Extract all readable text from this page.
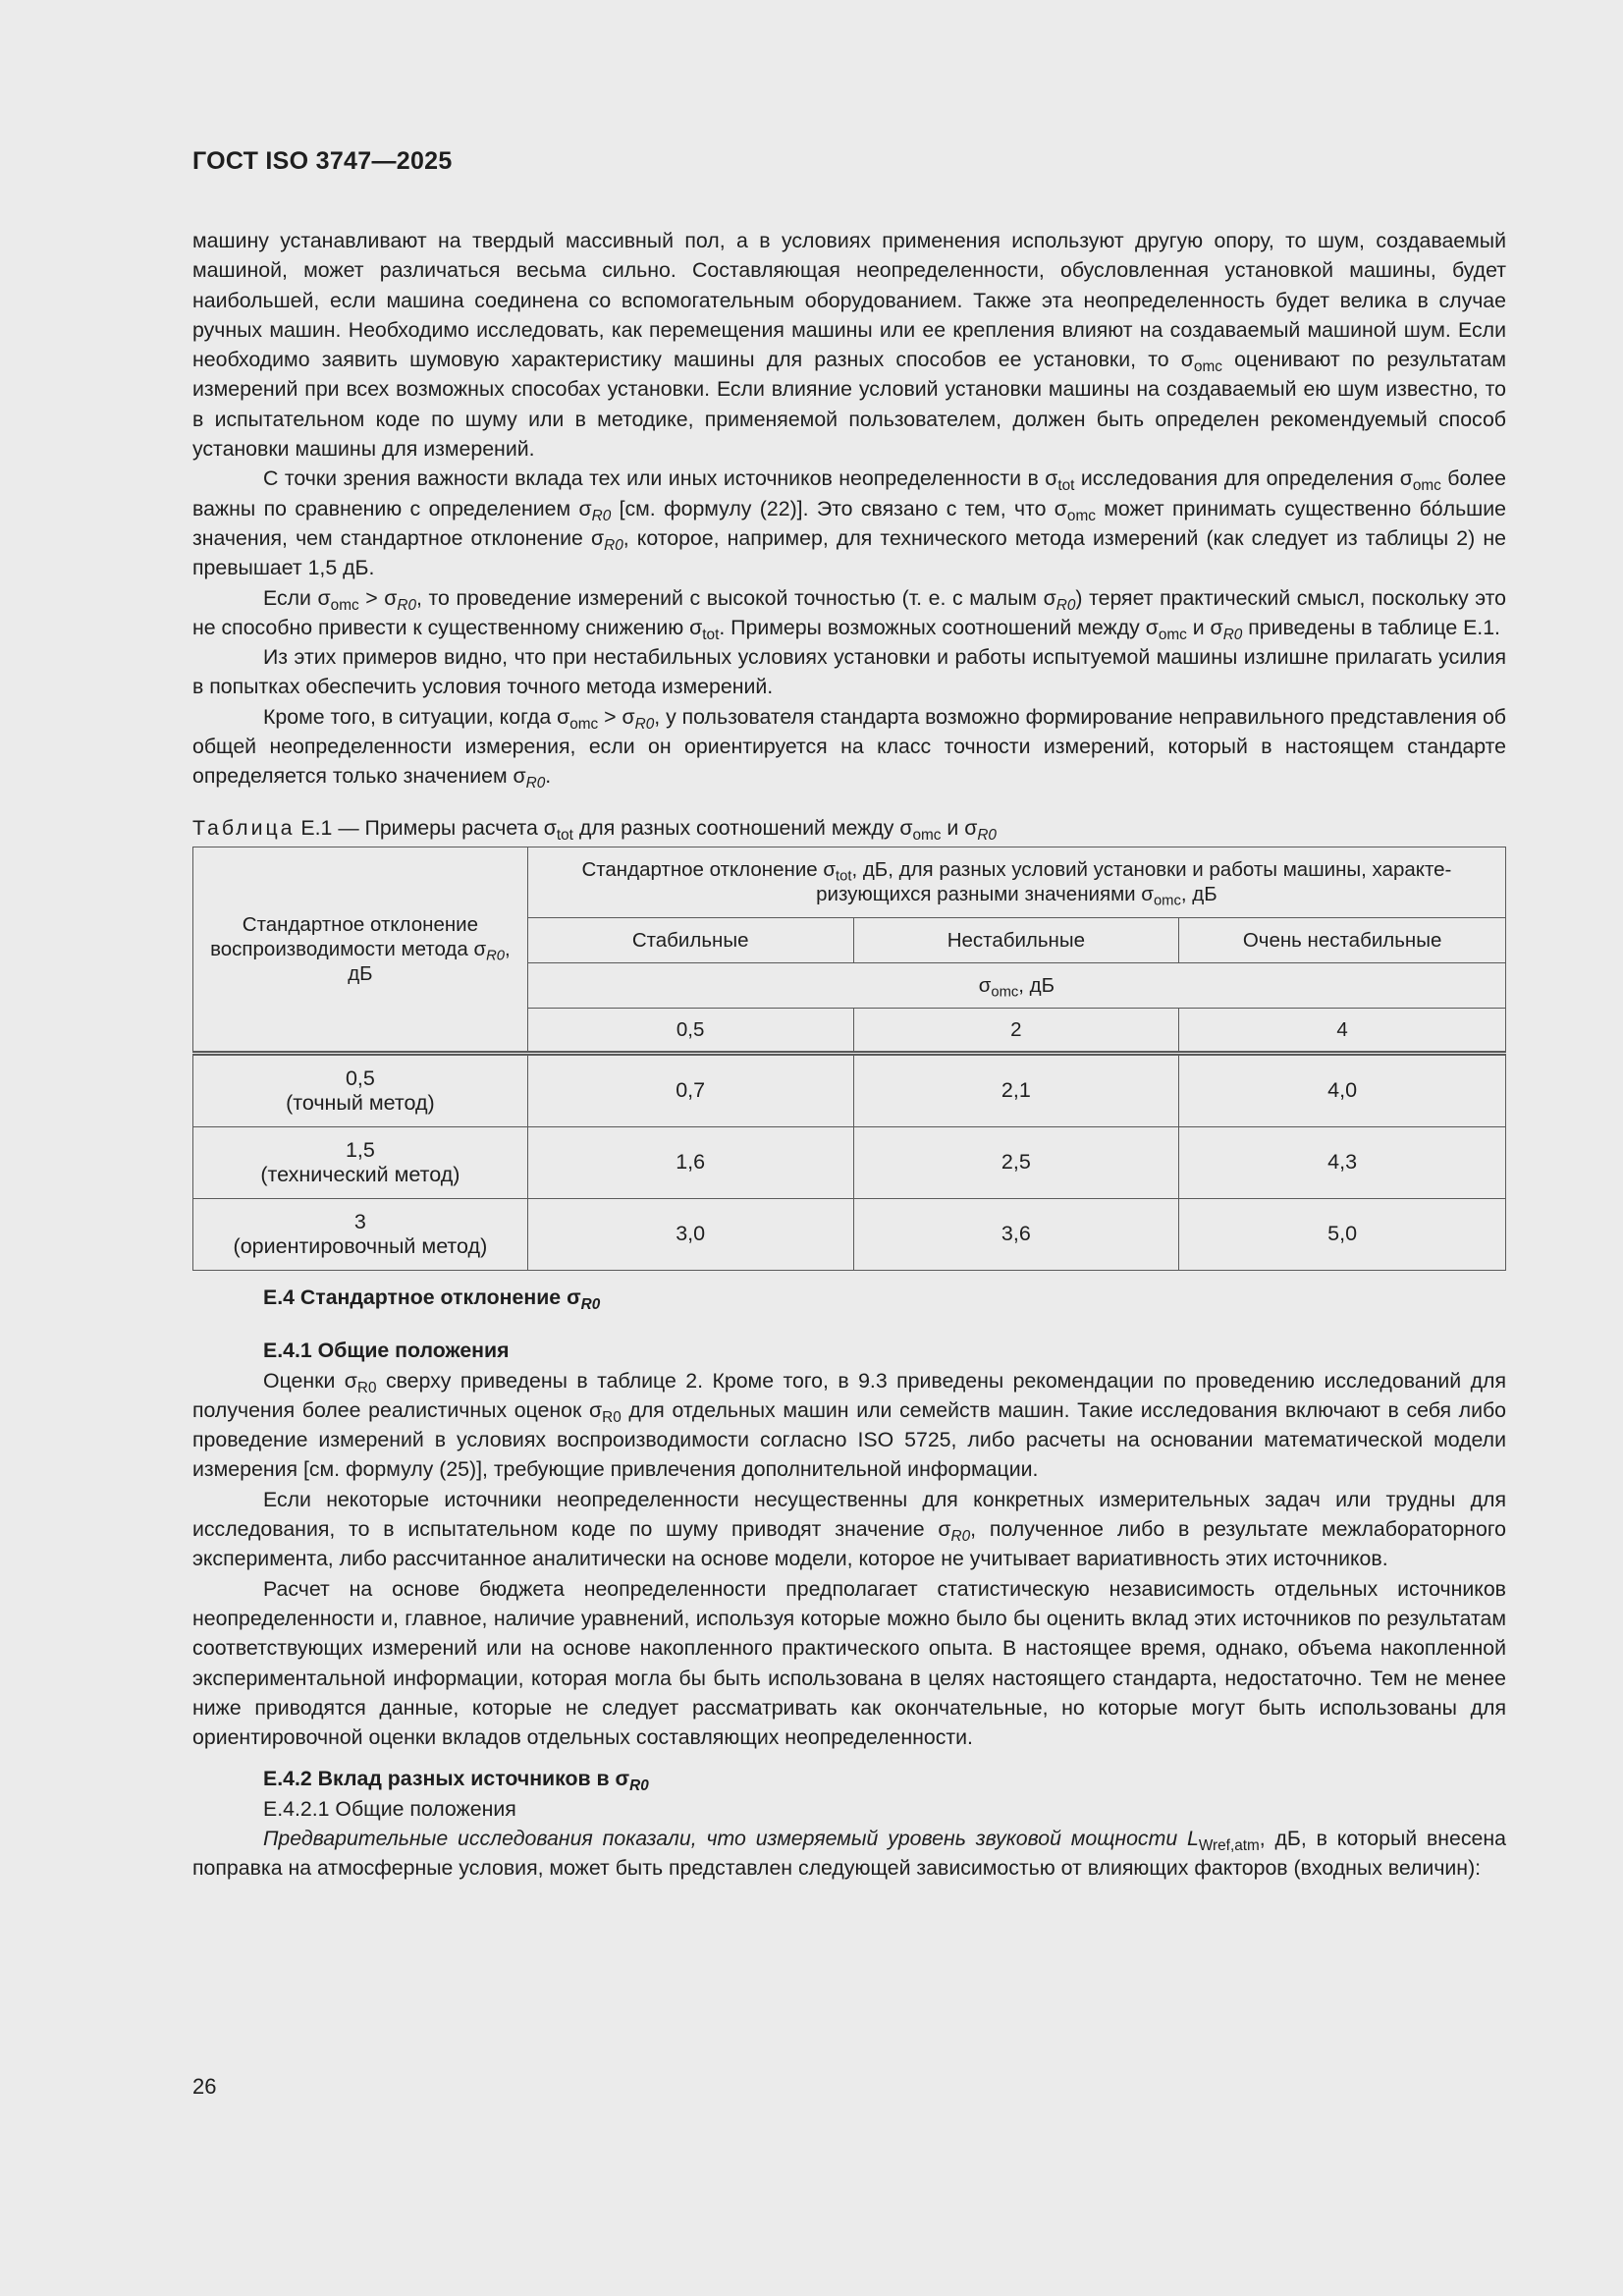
ГОСТ ISO 3747—2025

машину устанавливают на твердый массивный пол, а в условиях применения используют другую опору, то шум, создаваемый машиной, может различаться весьма сильно. Составляющая неопределенности, обусловленная установкой машины, будет наибольшей, если машина соединена со вспомогательным оборудованием. Также эта неопределенность будет велика в случае ручных машин. Необходимо исследовать, как перемещения машины или ее крепления влияют на создаваемый машиной шум. Если необходимо заявить шумовую характеристику машины для разных способов ее установки, то $\sigma_{omc}$ оценивают по результатам измерений при всех возможных способах установки. Если влияние условий установки машины на создаваемый ею шум известно, то в испытательном коде по шуму или в методике, применяемой пользователем, должен быть определен рекомендуемый способ установки машины для измерений.

С точки зрения важности вклада тех или иных источников неопределенности в $\sigma_{tot}$ исследования для определения $\sigma_{omc}$ более важны по сравнению с определением $\sigma_{R0}$ [см. формулу (22)]. Это связано с тем, что $\sigma_{omc}$ может принимать существенно бо́льшие значения, чем стандартное отклонение $\sigma_{R0}$, которое, например, для технического метода измерений (как следует из таблицы 2) не превышает 1,5 дБ.

Если $\sigma_{omc} > \sigma_{R0}$, то проведение измерений с высокой точностью (т. е. с малым $\sigma_{R0}$) теряет практический смысл, поскольку это не способно привести к существенному снижению $\sigma_{tot}$. Примеры возможных соотношений между $\sigma_{omc}$ и $\sigma_{R0}$ приведены в таблице Е.1.

Из этих примеров видно, что при нестабильных условиях установки и работы испытуемой машины излишне прилагать усилия в попытках обеспечить условия точного метода измерений.

Кроме того, в ситуации, когда $\sigma_{omc} > \sigma_{R0}$, у пользователя стандарта возможно формирование неправильного представления об общей неопределенности измерения, если он ориентируется на класс точности измерений, который в настоящем стандарте определяется только значением $\sigma_{R0}$.

Таблица Е.1 — Примеры расчета $\sigma_{tot}$ для разных соотношений между $\sigma_{omc}$ и $\sigma_{R0}$

Стандартное отклонение воспроизводимости метода $\sigma_{R0}$, дБ	Стандартное отклонение $\sigma_{tot}$, дБ, для разных условий установки и работы машины, характеризующихся разными значениями $\sigma_{omc}$, дБ		
	Стабильные	Нестабильные	Очень нестабильные
	$\sigma_{omc}$, дБ		
	0,5	2	4
0,5
(точный метод)	0,7	2,1	4,0
1,5
(технический метод)	1,6	2,5	4,3
3
(ориентировочный метод)	3,0	3,6	5,0

Е.4 Стандартное отклонение $\sigma_{R0}$

Е.4.1 Общие положения

Оценки $\sigma_{R0}$ сверху приведены в таблице 2. Кроме того, в 9.3 приведены рекомендации по проведению исследований для получения более реалистичных оценок $\sigma_{R0}$ для отдельных машин или семейств машин. Такие исследования включают в себя либо проведение измерений в условиях воспроизводимости согласно ISO 5725, либо расчеты на основании математической модели измерения [см. формулу (25)], требующие привлечения дополнительной информации.

Если некоторые источники неопределенности несущественны для конкретных измерительных задач или трудны для исследования, то в испытательном коде по шуму приводят значение $\sigma_{R0}$, полученное либо в результате межлабораторного эксперимента, либо рассчитанное аналитически на основе модели, которое не учитывает вариативность этих источников.

Расчет на основе бюджета неопределенности предполагает статистическую независимость отдельных источников неопределенности и, главное, наличие уравнений, используя которые можно было бы оценить вклад этих источников по результатам соответствующих измерений или на основе накопленного практического опыта. В настоящее время, однако, объема накопленной экспериментальной информации, которая могла бы быть использована в целях настоящего стандарта, недостаточно. Тем не менее ниже приводятся данные, которые не следует рассматривать как окончательные, но которые могут быть использованы для ориентировочной оценки вкладов отдельных составляющих неопределенности.

Е.4.2 Вклад разных источников в $\sigma_{R0}$

Е.4.2.1 Общие положения

Предварительные исследования показали, что измеряемый уровень звуковой мощности $L_{Wref,atm}$, дБ, в который внесена поправка на атмосферные условия, может быть представлен следующей зависимостью от влияющих факторов (входных величин):

26
